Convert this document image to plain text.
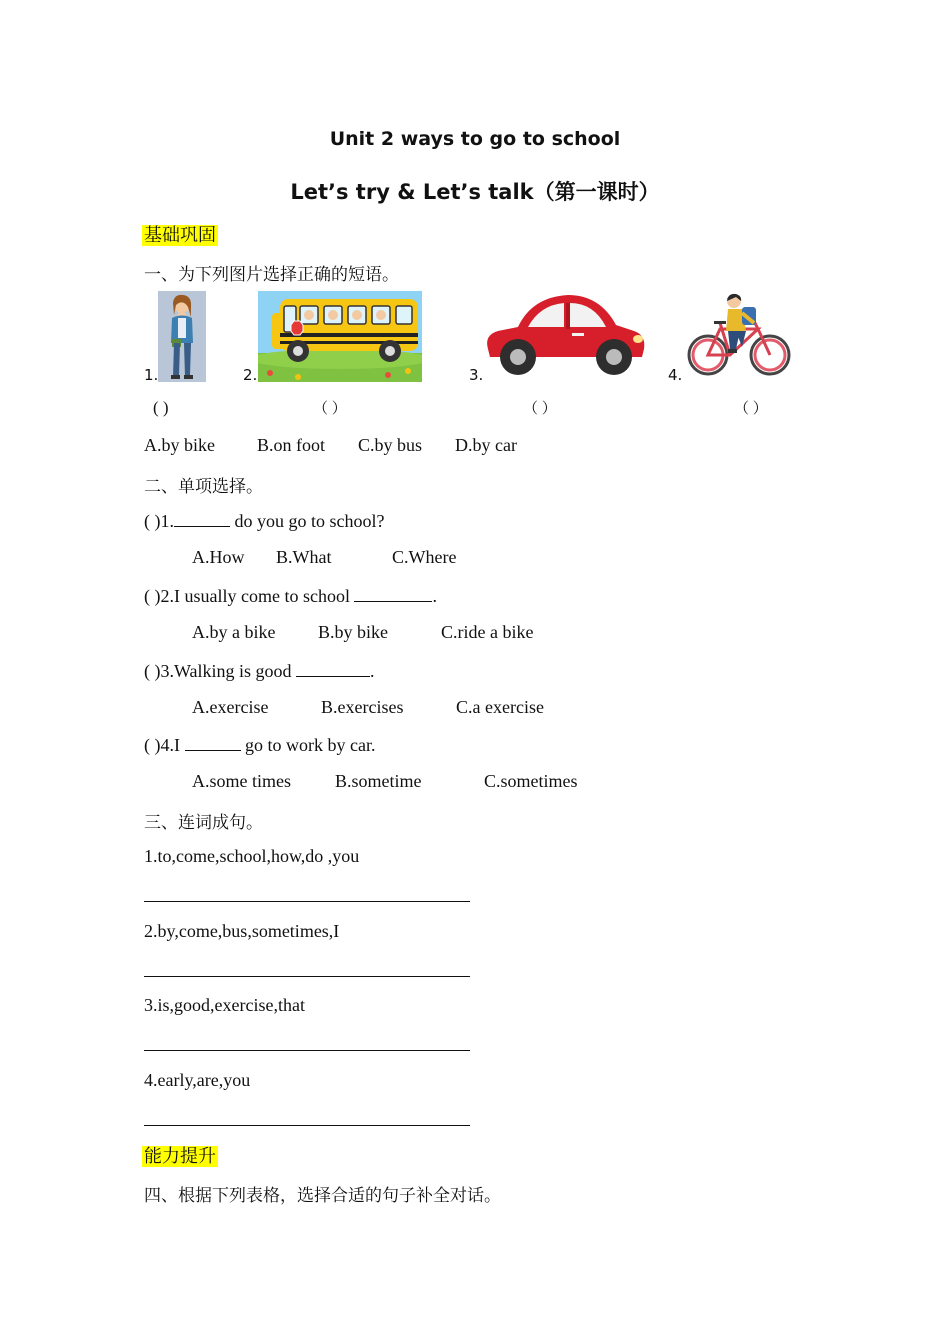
Unit 2 ways to go to school
Let’s try & Let’s talk（第一课时）
基础巩固
一、为下列图片选择正确的短语。
1.	2.	3.	4.
( )	（ ）	（ ）	（ ）
A.by bike B.on foot C.by bus D.by car
二、单项选择。
( )1.	do you go to school?
A.How B.What	C.Where
( )2.I usually come to school	.
A.by a bike B.by bike	C.ride a bike
( )3.Walking is good	.
A.exercise	B.exercises	C.a exercise
( )4.I	go to work by car.
A.some times B.sometime	C.sometimes
三、连词成句。
1.to,come,school,how,do ,you
2.by,come,bus,sometimes,I
3.is,good,exercise,that
4.early,are,you
能力提升
四、根据下列表格，选择合适的句子补全对话。
